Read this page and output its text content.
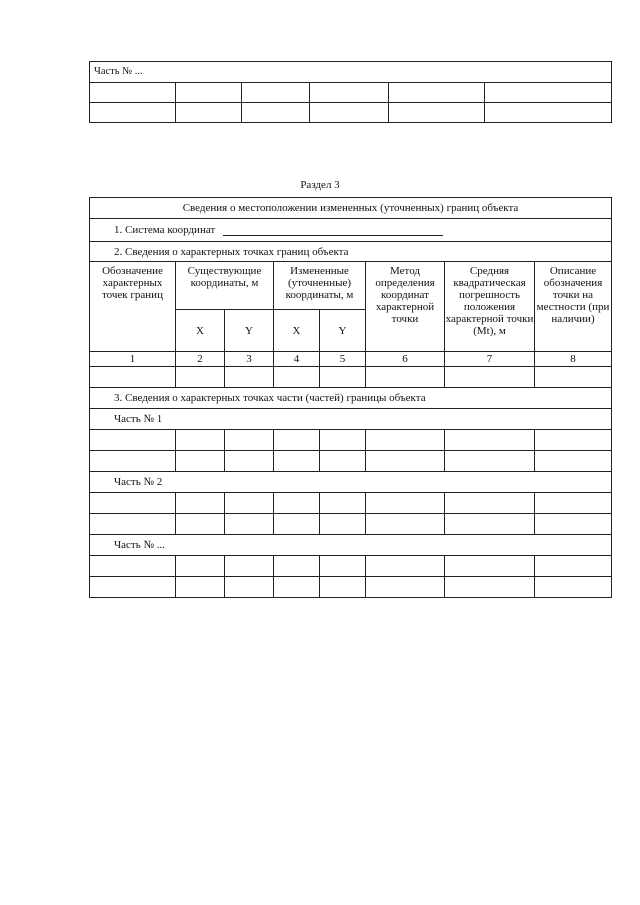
Часть № ...					

Раздел 3
Сведения о местоположении измененных (уточненных) границ объекта							
1. Система координат							
2. Сведения о характерных точках границ объекта							
Обозначение характерных точек границ	Существующие координаты, м		Измененные (уточненные) координаты, м		Метод определения координат характерной точки	Средняя квадратическая погрешность положения характерной точки (Mt), м	Описание обозначения точки на местности (при наличии)
	X	Y	X	Y			
1	2	3	4	5	6	7	8

3. Сведения о характерных точках части (частей) границы объекта							
Часть № 1							

Часть № 2							

Часть № ...							
